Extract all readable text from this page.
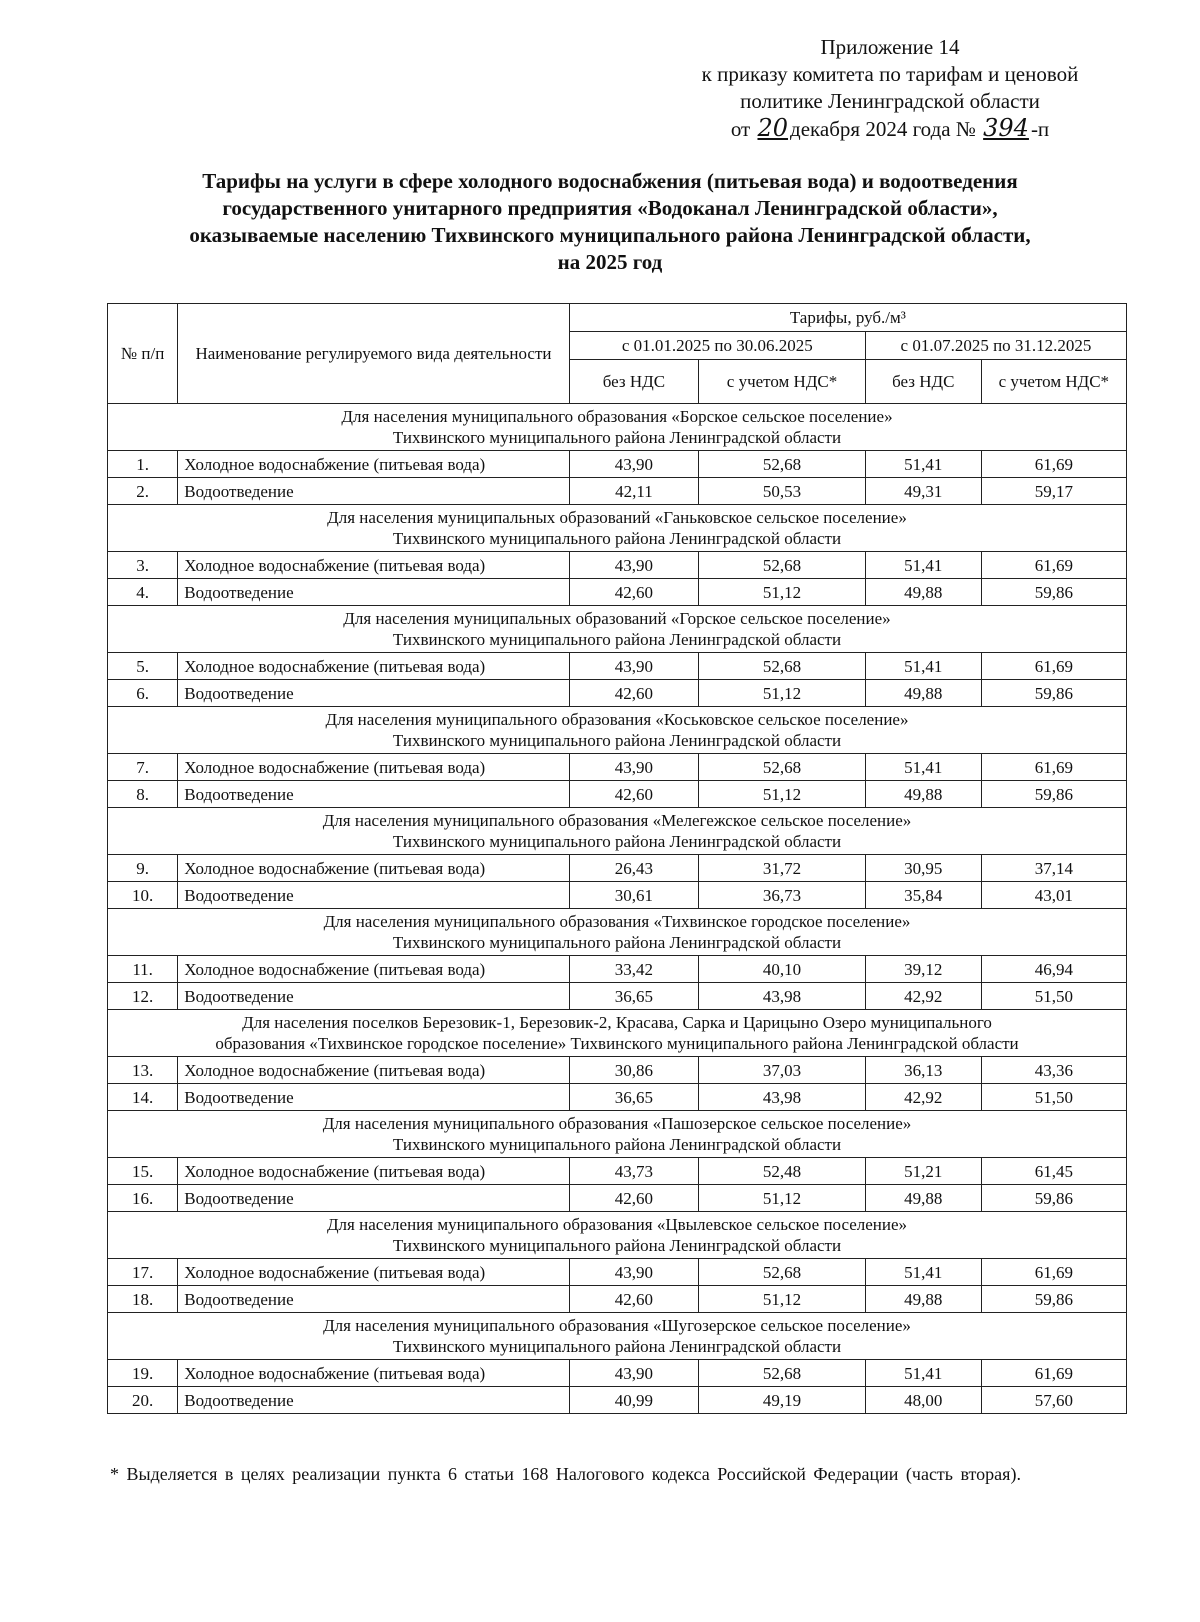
Приложение 14
к приказу комитета по тарифам и ценовой
политике Ленинградской области
от 20декабря 2024 года № 394-п
Тарифы на услуги в сфере холодного водоснабжения (питьевая вода) и водоотведения
государственного унитарного предприятия «Водоканал Ленинградской области»,
оказываемые населению Тихвинского муниципального района Ленинградской области,
на 2025 год
№ п/п	Наименование регулируемого вида деятельности	Тарифы, руб./м³			
		с 01.01.2025 по 30.06.2025		с 01.07.2025 по 31.12.2025	
		без НДС	с учетом НДС*	без НДС	с учетом НДС*

Для населения муниципального образования «Борское сельское поселение»
Тихвинского муниципального района Ленинградской области					

1.	Холодное водоснабжение (питьевая вода)	43,90	52,68	51,41	61,69
2.	Водоотведение	42,11	50,53	49,31	59,17

Для населения муниципальных образований «Ганьковское сельское поселение»
Тихвинского муниципального района Ленинградской области					

3.	Холодное водоснабжение (питьевая вода)	43,90	52,68	51,41	61,69
4.	Водоотведение	42,60	51,12	49,88	59,86

Для населения муниципальных образований «Горское сельское поселение»
Тихвинского муниципального района Ленинградской области					

5.	Холодное водоснабжение (питьевая вода)	43,90	52,68	51,41	61,69
6.	Водоотведение	42,60	51,12	49,88	59,86

Для населения муниципального образования «Коськовское сельское поселение»
Тихвинского муниципального района Ленинградской области					

7.	Холодное водоснабжение (питьевая вода)	43,90	52,68	51,41	61,69
8.	Водоотведение	42,60	51,12	49,88	59,86

Для населения муниципального образования «Мелегежское сельское поселение»
Тихвинского муниципального района Ленинградской области					

9.	Холодное водоснабжение (питьевая вода)	26,43	31,72	30,95	37,14
10.	Водоотведение	30,61	36,73	35,84	43,01

Для населения муниципального образования «Тихвинское городское поселение»
Тихвинского муниципального района Ленинградской области					

11.	Холодное водоснабжение (питьевая вода)	33,42	40,10	39,12	46,94
12.	Водоотведение	36,65	43,98	42,92	51,50

Для населения поселков Березовик-1, Березовик-2, Красава, Сарка и Царицыно Озеро муниципального
образования «Тихвинское городское поселение» Тихвинского муниципального района Ленинградской области					

13.	Холодное водоснабжение (питьевая вода)	30,86	37,03	36,13	43,36
14.	Водоотведение	36,65	43,98	42,92	51,50

Для населения муниципального образования «Пашозерское сельское поселение»
Тихвинского муниципального района Ленинградской области					

15.	Холодное водоснабжение (питьевая вода)	43,73	52,48	51,21	61,45
16.	Водоотведение	42,60	51,12	49,88	59,86

Для населения муниципального образования «Цвылевское сельское поселение»
Тихвинского муниципального района Ленинградской области					

17.	Холодное водоснабжение (питьевая вода)	43,90	52,68	51,41	61,69
18.	Водоотведение	42,60	51,12	49,88	59,86

Для населения муниципального образования «Шугозерское сельское поселение»
Тихвинского муниципального района Ленинградской области					

19.	Холодное водоснабжение (питьевая вода)	43,90	52,68	51,41	61,69
20.	Водоотведение	40,99	49,19	48,00	57,60
* Выделяется в целях реализации пункта 6 статьи 168 Налогового кодекса Российской Федерации (часть вторая).
